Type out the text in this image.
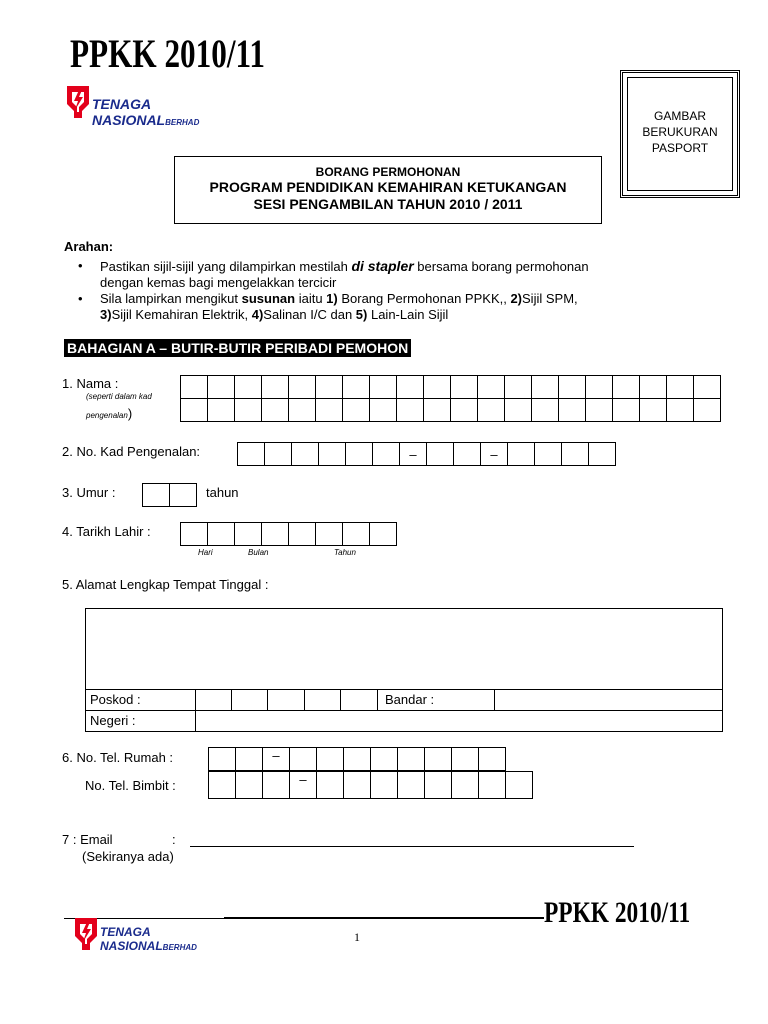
PPKK 2010/11
TENAGA
NASIONALBERHAD	GAMBAR
BERUKURAN
PASPORT
BORANG PERMOHONAN
PROGRAM PENDIDIKAN KEMAHIRAN KETUKANGAN
SESI PENGAMBILAN TAHUN 2010 / 2011
Arahan:
• Pastikan sijil-sijil yang dilampirkan mestilah di stapler bersama borang permohonan
dengan kemas bagi mengelakkan tercicir
• Sila lampirkan mengikut susunan iaitu 1) Borang Permohonan PPKK,, 2)Sijil SPM,
3)Sijil Kemahiran Elektrik, 4)Salinan I/C dan 5) Lain-Lain Sijil
BAHAGIAN A – BUTIR-BUTIR PERIBADI PEMOHON
1. Nama :
(seperti dalam kad
pengenalan)

2. No. Kad Pengenalan:
							–			–				
3. Umur :
		tahun
4. Tarikh Lahir :

Hari	Bulan	Tahun
5. Alamat Lengkap Tempat Tinggal :
Poskod :	Bandar :
Negeri :
6. No. Tel. Rumah :
			–								
No. Tel. Bimbit :
				–								
7 : Email	:
(Sekiranya ada)
PPKK 2010/11
TENAGA
NASIONALBERHAD
1
